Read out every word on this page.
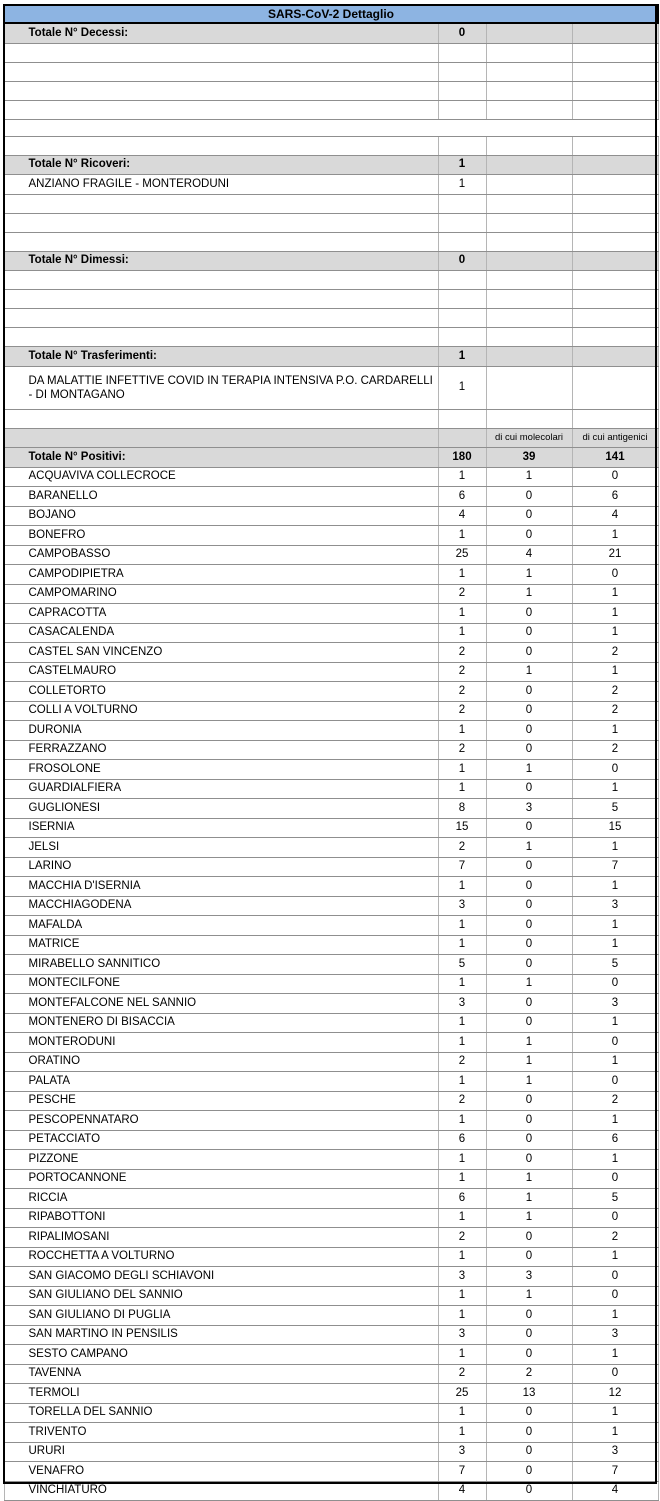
SARS-CoV-2 Dettaglio			
Totale N° Decessi:	0		

Totale N° Ricoveri:	1		
ANZIANO FRAGILE - MONTERODUNI	1		

Totale N° Dimessi:	0		

Totale N° Trasferimenti:	1		
DA MALATTIE INFETTIVE COVID IN TERAPIA INTENSIVA P.O. CARDARELLI - DI MONTAGANO	1		

		di cui molecolari	di cui antigenici
Totale N° Positivi:	180	39	141
ACQUAVIVA COLLECROCE	1	1	0
BARANELLO	6	0	6
BOJANO	4	0	4
BONEFRO	1	0	1
CAMPOBASSO	25	4	21
CAMPODIPIETRA	1	1	0
CAMPOMARINO	2	1	1
CAPRACOTTA	1	0	1
CASACALENDA	1	0	1
CASTEL SAN VINCENZO	2	0	2
CASTELMAURO	2	1	1
COLLETORTO	2	0	2
COLLI A VOLTURNO	2	0	2
DURONIA	1	0	1
FERRAZZANO	2	0	2
FROSOLONE	1	1	0
GUARDIALFIERA	1	0	1
GUGLIONESI	8	3	5
ISERNIA	15	0	15
JELSI	2	1	1
LARINO	7	0	7
MACCHIA D'ISERNIA	1	0	1
MACCHIAGODENA	3	0	3
MAFALDA	1	0	1
MATRICE	1	0	1
MIRABELLO SANNITICO	5	0	5
MONTECILFONE	1	1	0
MONTEFALCONE NEL SANNIO	3	0	3
MONTENERO DI BISACCIA	1	0	1
MONTERODUNI	1	1	0
ORATINO	2	1	1
PALATA	1	1	0
PESCHE	2	0	2
PESCOPENNATARO	1	0	1
PETACCIATO	6	0	6
PIZZONE	1	0	1
PORTOCANNONE	1	1	0
RICCIA	6	1	5
RIPABOTTONI	1	1	0
RIPALIMOSANI	2	0	2
ROCCHETTA A VOLTURNO	1	0	1
SAN GIACOMO DEGLI SCHIAVONI	3	3	0
SAN GIULIANO DEL SANNIO	1	1	0
SAN GIULIANO DI PUGLIA	1	0	1
SAN MARTINO IN PENSILIS	3	0	3
SESTO CAMPANO	1	0	1
TAVENNA	2	2	0
TERMOLI	25	13	12
TORELLA DEL SANNIO	1	0	1
TRIVENTO	1	0	1
URURI	3	0	3
VENAFRO	7	0	7
VINCHIATURO	4	0	4
